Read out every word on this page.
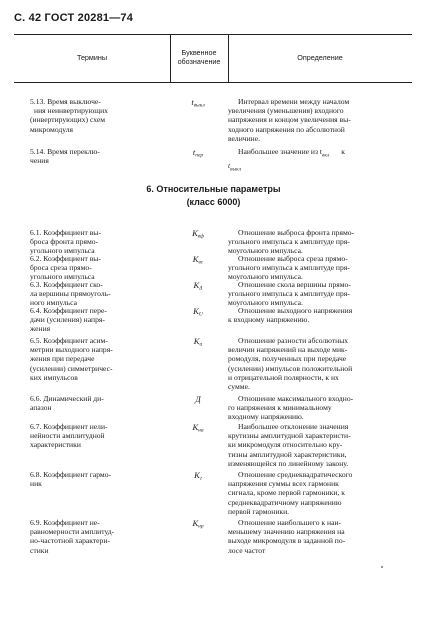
С. 42 ГОСТ 20281—74
Термины
Буквенное
обозначение	Определение
5.13. Время выключе-
ния неинвертирующих
(инвертирующих) схем
микромодуля
$t_{выкл}$	Интервал времени между началом
увеличения (уменьшения) входного
напряжения и концом увеличения вы-
ходного напряжения по абсолютной
величине.
5.14. Время переклю-
чения
$t_{пер}$	Наибольшее значение из $t_{вкл}$ к
$t_{выкл}$
6. Относительные параметры
(класс 6000)
6.1. Коэффициент вы-
броса фронта прямо-
угольного импульса
$K_{вф}$	Отношение выброса фронта прямо-
угольного импульса к амплитуде пря-
моугольного импульса.
6.2. Коэффициент вы-
броса среза прямо-
угольного импульса
$K_{вс}$	Отношение выброса среза прямо-
угольного импульса к амплитуде пря-
моугольного импульса.
6.3. Коэффициент ско-
ла вершины прямоуголь-
ного импульса
$K_\Delta$	Отношение скола вершины прямо-
угольного импульса к амплитуде пря-
моугольного импульса.
6.4. Коэффициент пере-
дачи (усиления) напря-
жения
$K_U$	Отношение выходного напряжения
к входному напряжению.
6.5. Коэффициент асим-
метрии выходного напря-
жения при передаче
(усилении) симметричес-
ких импульсов
$K_а$	Отношение разности абсолютных
величин напряжений на выходе мик-
ромодуля, полученных при передаче
(усилении) импульсов положительной
и отрицательной полярности, к их
сумме.
6.6. Динамический ди-
апазон
Д	Отношение максимального входно-
го напряжения к минимальному
входному напряжению.
6.7. Коэффициент нели-
нейности амплитудной
характеристики
$K_{на}$	Наибольшее отклонение значения
крутизны амплитудной характеристи-
ки микромодуля относительно кру-
тизны амплитудной характеристики,
изменяющейся по линейному закону.
6.8. Коэффициент гармо-
ник
$K_г$	Отношение среднеквадратического
напряжения суммы всех гармоник
сигнала, кроме первой гармоники, к
среднеквадратичному напряжению
первой гармоники.
6.9. Коэффициент не-
равномерности амплитуд-
но-частотной характери-
стики
$K_{нр}$	Отношение наибольшего к наи-
меньшему значению напряжения на
выходе микромодуля в заданной по-
лосе частот
